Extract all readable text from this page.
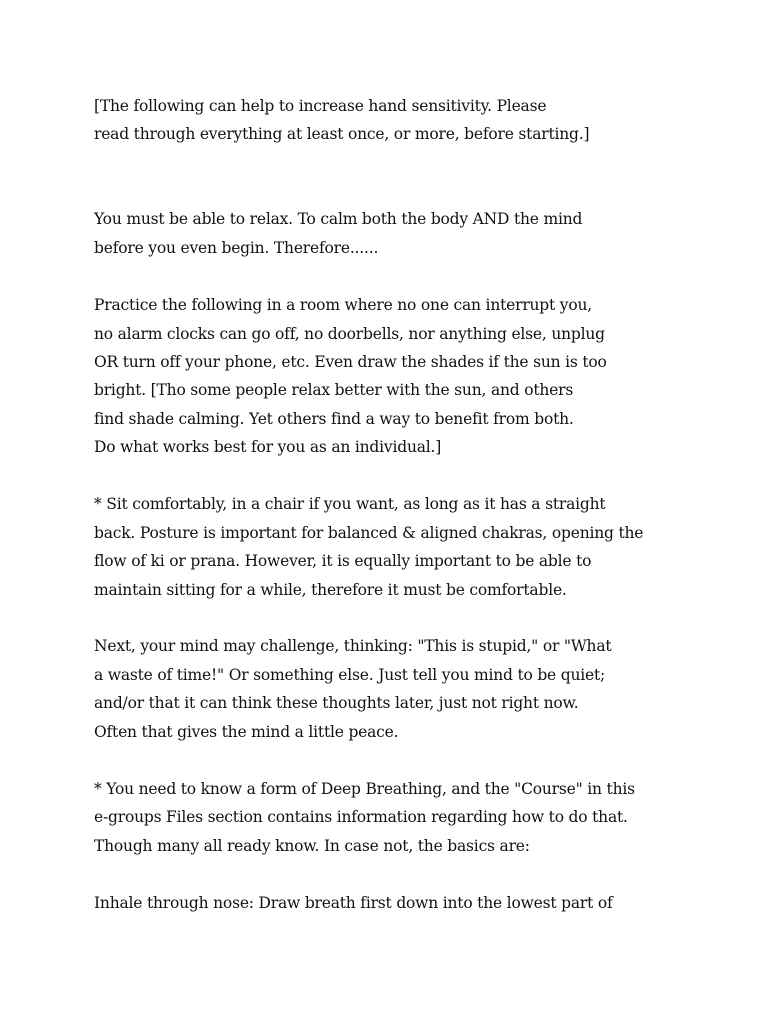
[The following can help to increase hand sensitivity. Please
read through everything at least once, or more, before starting.]
You must be able to relax. To calm both the body AND the mind
before you even begin. Therefore......
Practice the following in a room where no one can interrupt you,
no alarm clocks can go off, no doorbells, nor anything else, unplug
OR turn off your phone, etc. Even draw the shades if the sun is too
bright. [Tho some people relax better with the sun, and others
find shade calming. Yet others find a way to benefit from both.
Do what works best for you as an individual.]
* Sit comfortably, in a chair if you want, as long as it has a straight
back. Posture is important for balanced & aligned chakras, opening the
flow of ki or prana. However, it is equally important to be able to
maintain sitting for a while, therefore it must be comfortable.
Next, your mind may challenge, thinking: "This is stupid," or "What
a waste of time!" Or something else. Just tell you mind to be quiet;
and/or that it can think these thoughts later, just not right now.
Often that gives the mind a little peace.
* You need to know a form of Deep Breathing, and the "Course" in this
e-groups Files section contains information regarding how to do that.
Though many all ready know. In case not, the basics are:
Inhale through nose: Draw breath first down into the lowest part of
